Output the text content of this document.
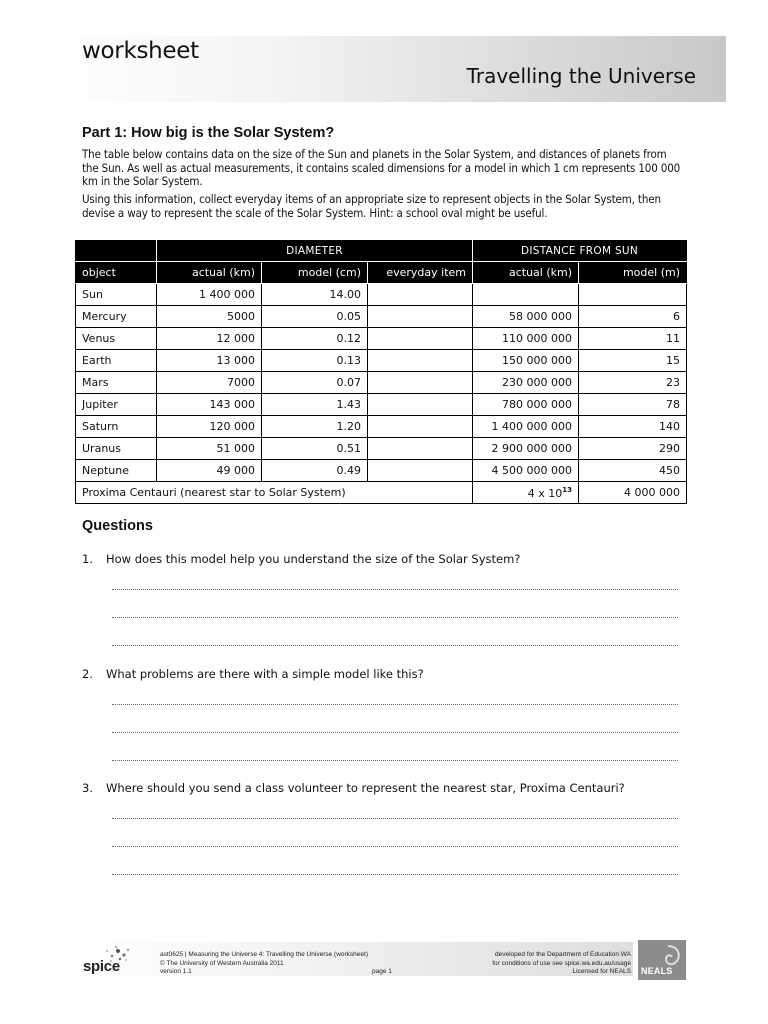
worksheet
Travelling the Universe
Part 1: How big is the Solar System?
The table below contains data on the size of the Sun and planets in the Solar System, and distances of planets from the Sun. As well as actual measurements, it contains scaled dimensions for a model in which 1 cm represents 100 000 km in the Solar System.
Using this information, collect everyday items of an appropriate size to represent objects in the Solar System, then devise a way to represent the scale of the Solar System. Hint: a school oval might be useful.
	DIAMETER			DISTANCE FROM SUN	
object	actual (km)	model (cm)	everyday item	actual (km)	model (m)
Sun	1 400 000	14.00			
Mercury	5000	0.05		58 000 000	6
Venus	12 000	0.12		110 000 000	11
Earth	13 000	0.13		150 000 000	15
Mars	7000	0.07		230 000 000	23
Jupiter	143 000	1.43		780 000 000	78
Saturn	120 000	1.20		1 400 000 000	140
Uranus	51 000	0.51		2 900 000 000	290
Neptune	49 000	0.49		4 500 000 000	450
Proxima Centauri (nearest star to Solar System)				4 x $10^{13}$	4 000 000
Questions
1. How does this model help you understand the size of the Solar System?
2. What problems are there with a simple model like this?
3. Where should you send a class volunteer to represent the nearest star, Proxima Centauri?
spice
ast0625 | Measuring the Universe 4: Travelling the Universe (worksheet)
© The University of Western Australia 2011
version 1.1	page 1
developed for the Department of Education WA
for conditions of use see spice.wa.edu.au/usage
Licensed for NEALS NEALS
